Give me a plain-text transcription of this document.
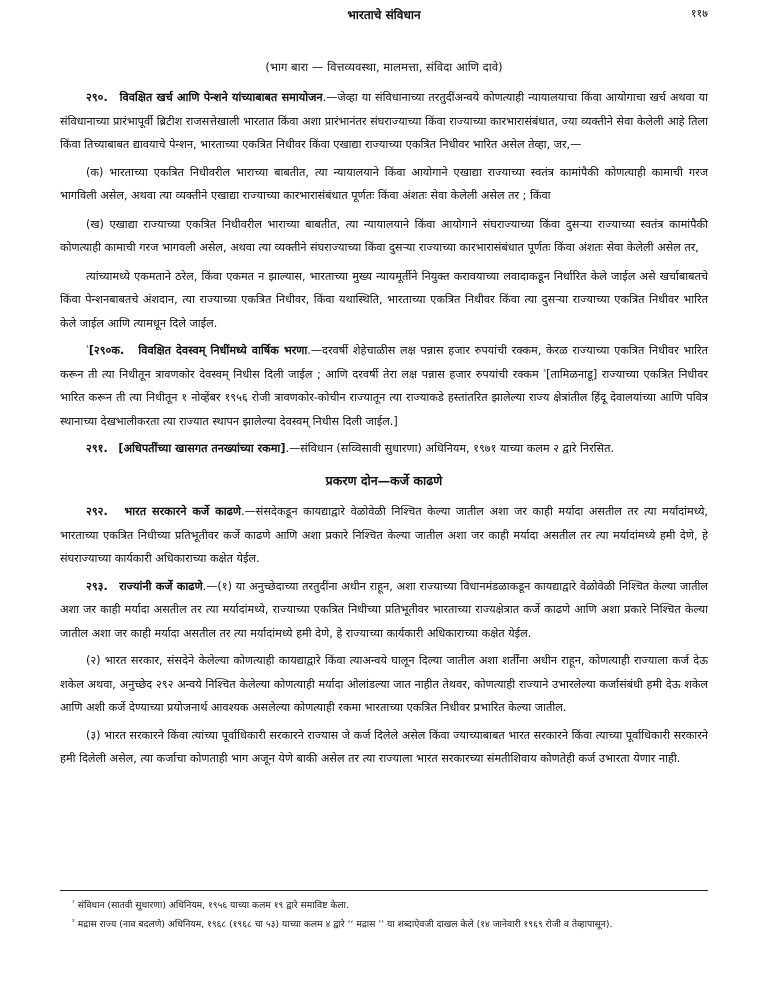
भारताचे संविधान	११७
(भाग बारा — वित्तव्यवस्था, मालमत्ता, संविदा आणि दावे)

२९०. विवक्षित खर्च आणि पेन्शने यांच्याबाबत समायोजन.—जेव्हा या संविधानाच्या तरतुदींअन्वये कोणत्याही न्यायालयाचा किंवा आयोगाचा खर्च अथवा या संविधानाच्या प्रारंभापूर्वी ब्रिटीश राजसत्तेखाली भारतात किंवा अशा प्रारंभानंतर संघराज्याच्या किंवा राज्याच्या कारभारासंबंधात, ज्या व्यक्तीने सेवा केलेली आहे तिला किंवा तिच्याबाबत द्यावयाचे पेन्शन, भारताच्या एकत्रित निधीवर किंवा एखाद्या राज्याच्या एकत्रित निधीवर भारित असेल तेव्हा, जर,—

(क) भारताच्या एकत्रित निधीवरील भाराच्या बाबतीत, त्या न्यायालयाने किंवा आयोगाने एखाद्या राज्याच्या स्वतंत्र कामांपैकी कोणत्याही कामाची गरज भागविली असेल, अथवा त्या व्यक्तीने एखाद्या राज्याच्या कारभारासंबंधात पूर्णतः किंवा अंशतः सेवा केलेली असेल तर ; किंवा

(ख) एखाद्या राज्याच्या एकत्रित निधीवरील भाराच्या बाबतीत, त्या न्यायालयाने किंवा आयोगाने संघराज्याच्या किंवा दुसऱ्या राज्याच्या स्वतंत्र कामांपैकी कोणत्याही कामाची गरज भागवली असेल, अथवा त्या व्यक्तीने संघराज्याच्या किंवा दुसऱ्या राज्याच्या कारभारासंबंधात पूर्णतः किंवा अंशतः सेवा केलेली असेल तर,

त्यांच्यामध्ये एकमताने ठरेल, किंवा एकमत न झाल्यास, भारताच्या मुख्य न्यायमूर्तीने नियुक्त करावयाच्या लवादाकडून निर्धारित केले जाईल असे खर्चाबाबतचे किंवा पेन्शनबाबतचे अंशदान, त्या राज्याच्या एकत्रित निधीवर, किंवा यथास्थिति, भारताच्या एकत्रित निधीवर किंवा त्या दुसऱ्या राज्याच्या एकत्रित निधीवर भारित केले जाईल आणि त्यामधून दिले जाईल.

$^{^1}$[२९०क. विवक्षित देवस्वम् निधींमध्ये वार्षिक भरणा.—दरवर्षी शेहेचाळीस लक्ष पन्नास हजार रुपयांची रक्कम, केरळ राज्याच्या एकत्रित निधीवर भारित करून ती त्या निधीतून त्रावणकोर देवस्वम् निधीस दिली जाईल ; आणि दरवर्षी तेरा लक्ष पन्नास हजार रुपयांची रक्कम $^{^2}$[तामिळनाडू] राज्याच्या एकत्रित निधीवर भारित करून ती त्या निधीतून १ नोव्हेंबर १९५६ रोजी त्रावणकोर-कोचीन राज्यातून त्या राज्याकडे हस्तांतरित झालेल्या राज्य क्षेत्रांतील हिंदू देवालयांच्या आणि पवित्र स्थानाच्या देखभालीकरता त्या राज्यात स्थापन झालेल्या देवस्वम् निधीस दिली जाईल.]

२९१. [अधिपतींच्या खासगत तनख्यांच्या रकमा].—संविधान (सव्विसावी सुधारणा) अधिनियम, १९७१ याच्या कलम २ द्वारे निरसित.

प्रकरण दोन—कर्जे काढणे

२९२. भारत सरकारने कर्जे काढणे.—संसदेकडून कायद्याद्वारे वेळोवेळी निश्चित केल्या जातील अशा जर काही मर्यादा असतील तर त्या मर्यादांमध्ये, भारताच्या एकत्रित निधीच्या प्रतिभूतीवर कर्जे काढणे आणि अशा प्रकारे निश्चित केल्या जातील अशा जर काही मर्यादा असतील तर त्या मर्यादांमध्ये हमी देणे, हे संघराज्याच्या कार्यकारी अधिकाराच्या कक्षेत येईल.

२९३. राज्यांनी कर्जे काढणे.—(१) या अनुच्छेदाच्या तरतुदींना अधीन राहून, अशा राज्याच्या विधानमंडळाकडून कायद्याद्वारे वेळोवेळी निश्चित केल्या जातील अशा जर काही मर्यादा असतील तर त्या मर्यादांमध्ये, राज्याच्या एकत्रित निधीच्या प्रतिभूतीवर भारताच्या राज्यक्षेत्रात कर्जे काढणे आणि अशा प्रकारे निश्चित केल्या जातील अशा जर काही मर्यादा असतील तर त्या मर्यादांमध्ये हमी देणे, हे राज्याच्या कार्यकारी अधिकाराच्या कक्षेत येईल.

(२) भारत सरकार, संसदेने केलेल्या कोणत्याही कायद्याद्वारे किंवा त्याअन्वये घालून दिल्या जातील अशा शर्तींना अधीन राहून, कोणत्याही राज्याला कर्ज देऊ शकेल अथवा, अनुच्छेद २९२ अन्वये निश्चित केलेल्या कोणत्याही मर्यादा ओलांडल्या जात नाहीत तेथवर, कोणत्याही राज्याने उभारलेल्या कर्जासंबंधी हमी देऊ शकेल आणि अशी कर्जे देण्याच्या प्रयोजनार्थ आवश्यक असलेल्या कोणत्याही रकमा भारताच्या एकत्रित निधीवर प्रभारित केल्या जातील.

(३) भारत सरकारने किंवा त्यांच्या पूर्वाधिकारी सरकारने राज्यास जे कर्ज दिलेले असेल किंवा ज्याच्याबाबत भारत सरकारने किंवा त्याच्या पूर्वाधिकारी सरकारने हमी दिलेली असेल, त्या कर्जाचा कोणताही भाग अजून येणे बाकी असेल तर त्या राज्याला भारत सरकारच्या संमतीशिवाय कोणतेही कर्ज उभारता येणार नाही.

$^{^1}$ संविधान (सातवी सुधारणा) अधिनियम, १९५६ याच्या कलम १९ द्वारे समाविष्ट केला.

$^{^2}$ मद्रास राज्य (नाव बदलणे) अधिनियम, १९६८ (१९६८ चा ५३) याच्या कलम ४ द्वारे ‘‘ मद्रास ’’ या शब्दाऐवजी दाखल केले (१४ जानेवारी १९६९ रोजी व तेव्हापासून).
